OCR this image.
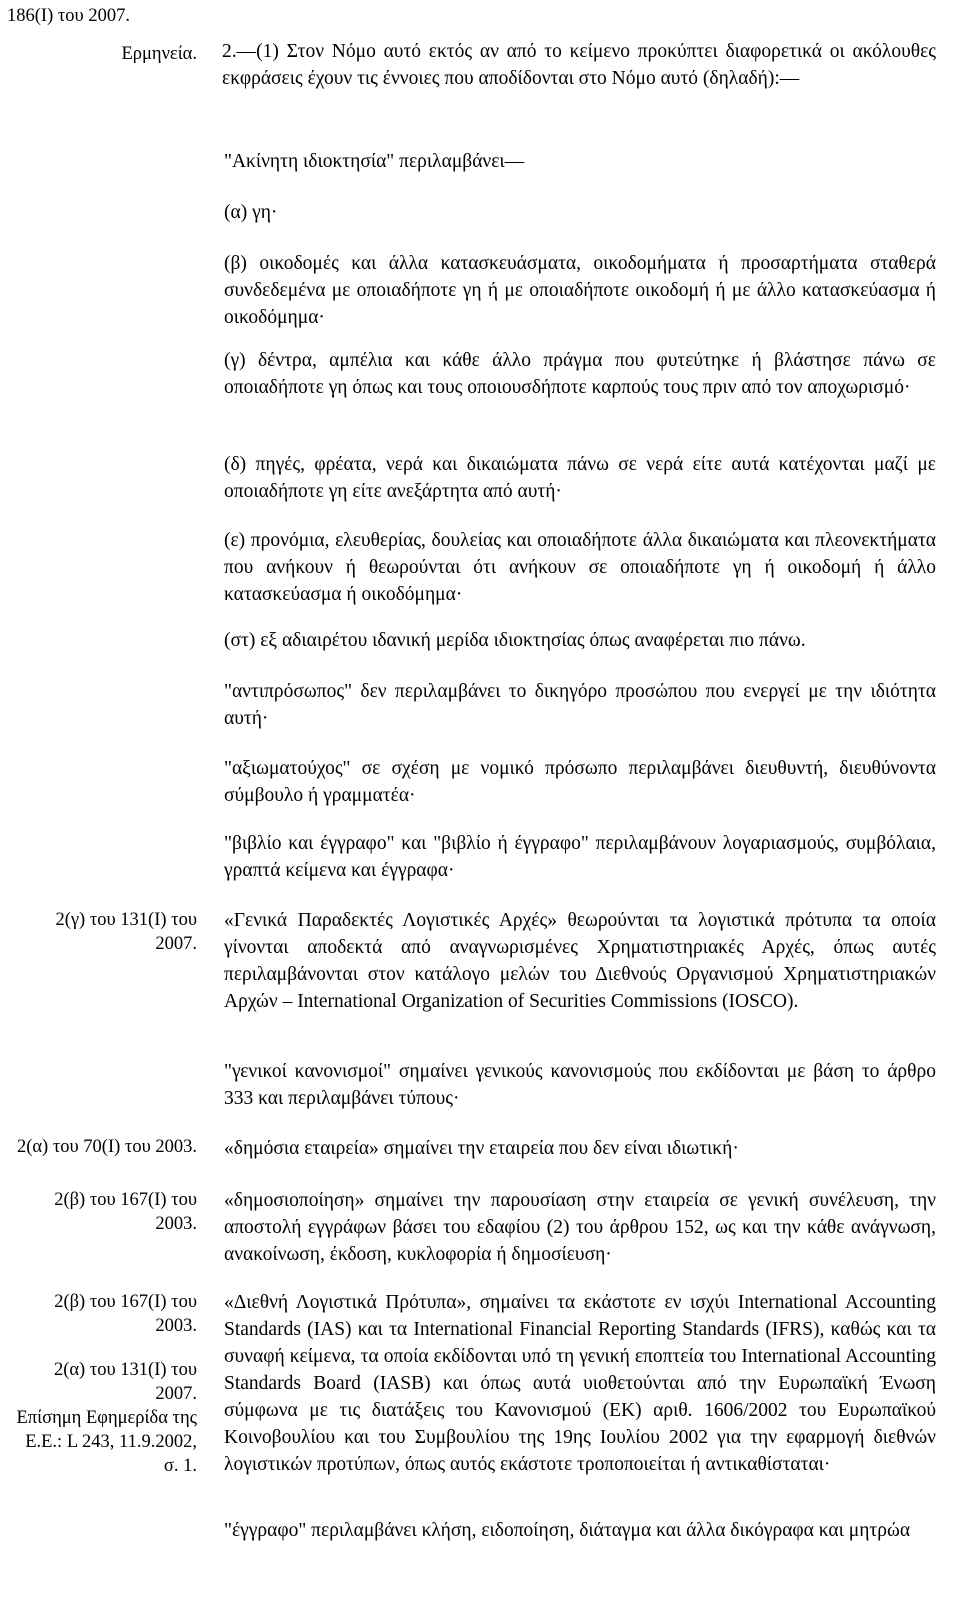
186(Ι) του 2007.
Ερμηνεία.
2(γ) του 131(Ι) του
2007.
2(α) του 70(Ι) του 2003.
2(β) του 167(Ι) του
2003.
2(β) του 167(Ι) του
2003.
2(α) του 131(Ι) του
2007.
Επίσημη Εφημερίδα της
Ε.Ε.: L 243, 11.9.2002,
σ. 1.
2.—(1) Στον Νόμο αυτό εκτός αν από το κείμενο προκύπτει διαφορετικά οι ακόλουθες εκφράσεις έχουν τις έννοιες που αποδίδονται στο Νόμο αυτό (δηλαδή):—
"Ακίνητη ιδιοκτησία" περιλαμβάνει—
(α) γη·
(β) οικοδομές και άλλα κατασκευάσματα, οικοδομήματα ή προσαρτήματα σταθερά συνδεδεμένα με οποιαδήποτε γη ή με οποιαδήποτε οικοδομή ή με άλλο κατασκεύασμα ή οικοδόμημα·
(γ) δέντρα, αμπέλια και κάθε άλλο πράγμα που φυτεύτηκε ή βλάστησε πάνω σε οποιαδήποτε γη όπως και τους οποιουσδήποτε καρπούς τους πριν από τον αποχωρισμό·
(δ) πηγές, φρέατα, νερά και δικαιώματα πάνω σε νερά είτε αυτά κατέχονται μαζί με οποιαδήποτε γη είτε ανεξάρτητα από αυτή·
(ε) προνόμια, ελευθερίας, δουλείας και οποιαδήποτε άλλα δικαιώματα και πλεονεκτήματα που ανήκουν ή θεωρούνται ότι ανήκουν σε οποιαδήποτε γη ή οικοδομή ή άλλο κατασκεύασμα ή οικοδόμημα·
(στ) εξ αδιαιρέτου ιδανική μερίδα ιδιοκτησίας όπως αναφέρεται πιο πάνω.
"αντιπρόσωπος" δεν περιλαμβάνει το δικηγόρο προσώπου που ενεργεί με την ιδιότητα αυτή·
"αξιωματούχος" σε σχέση με νομικό πρόσωπο περιλαμβάνει διευθυντή, διευθύνοντα σύμβουλο ή γραμματέα·
"βιβλίο και έγγραφο" και "βιβλίο ή έγγραφο" περιλαμβάνουν λογαριασμούς, συμβόλαια, γραπτά κείμενα και έγγραφα·
«Γενικά Παραδεκτές Λογιστικές Αρχές» θεωρούνται τα λογιστικά πρότυπα τα οποία γίνονται αποδεκτά από αναγνωρισμένες Χρηματιστηριακές Αρχές, όπως αυτές περιλαμβάνονται στον κατάλογο μελών του Διεθνούς Οργανισμού Χρηματιστηριακών Αρχών – International Organization of Securities Commissions (IOSCO).
"γενικοί κανονισμοί" σημαίνει γενικούς κανονισμούς που εκδίδονται με βάση το άρθρο 333 και περιλαμβάνει τύπους·
«δημόσια εταιρεία» σημαίνει την εταιρεία που δεν είναι ιδιωτική·
«δημοσιοποίηση» σημαίνει την παρουσίαση στην εταιρεία σε γενική συνέλευση, την αποστολή εγγράφων βάσει του εδαφίου (2) του άρθρου 152, ως και την κάθε ανάγνωση, ανακοίνωση, έκδοση, κυκλοφορία ή δημοσίευση·
«Διεθνή Λογιστικά Πρότυπα», σημαίνει τα εκάστοτε εν ισχύι International Accounting Standards (IAS) και τα International Financial Reporting Standards (IFRS), καθώς και τα συναφή κείμενα, τα οποία εκδίδονται υπό τη γενική εποπτεία του International Accounting Standards Board (IASB) και όπως αυτά υιοθετούνται από την Ευρωπαϊκή Ένωση σύμφωνα με τις διατάξεις του Κανονισμού (ΕΚ) αριθ. 1606/2002 του Ευρωπαϊκού Κοινοβουλίου και του Συμβουλίου της 19ης Ιουλίου 2002 για την εφαρμογή διεθνών λογιστικών προτύπων, όπως αυτός εκάστοτε τροποποιείται ή αντικαθίσταται·
"έγγραφο" περιλαμβάνει κλήση, ειδοποίηση, διάταγμα και άλλα δικόγραφα και μητρώα
